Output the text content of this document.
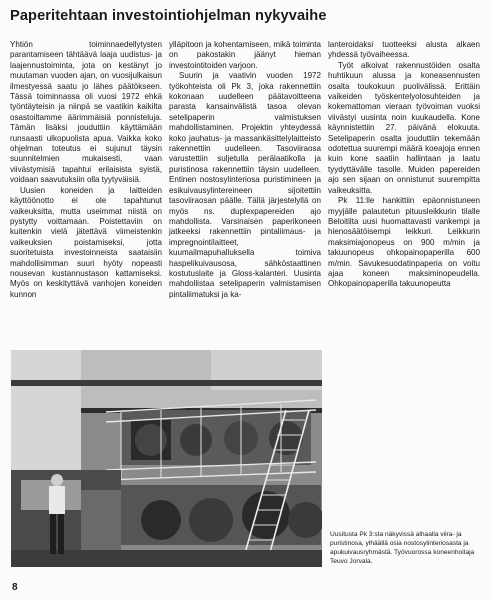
Paperitehtaan investointiohjelman nykyvaihe

Yhtiön toiminnaedellytysten parantamiseen tähtäävä laaja uudistus- ja laajennustoiminta, jota on kestänyt jo muutaman vuoden ajan, on vuosijulkaisun ilmestyessä saatu jo lähes päätökseen. Tässä toiminnassa oli vuosi 1972 ehkä työntäyteisin ja niinpä se vaatikin kaikilta osastoiltamme äärimmäisiä ponnisteluja. Tämän lisäksi jouduttiin käyttämään runsaasti ulkopuolista apua. Vaikka koko ohjelman toteutus ei sujunut täysin suunnitelmien mukaisesti, vaan viivästymisiä tapahtui erilaisista syistä, voidaan saavutuksiin olla tyytyväisiä.

Uusien koneiden ja laitteiden käyttöönotto ei ole tapahtunut vaikeuksitta, mutta useimmat niistä on pystytty voittamaan. Poistettaviin on kuitenkin vielä jätettävä viimeistenkin vaikeuksien poistamiseksi, jotta suoritetuista investoinneista saataisiin mahdollisimman suuri hyöty nopeasti nousevan kustannustason kattamiseksi. Myös on keskityttävä vanhojen koneiden kunnon

ylläpitoon ja kohentamiseen, mikä toiminta on pakostakin jäänyt hieman investointitoiden varjoon.

Suurin ja vaativin vuoden 1972 työkohteista oli Pk 3, joka rakennettiin kokonaan uudelleen päätavoitteena parasta kansainvälistä tasoa olevan setelipaperin valmistuksen mahdollistaminen. Projektin yhteydessä koko jauhatus- ja massankäsittelylaitteisto rakennettiin uudelleen. Tasoviiraosa varustettiin suljetulla perälaatikolla ja puristinosa rakennettiin täysin uudelleen. Entinen nostosylinteriosa puristimineen ja esikuivausylintereineen sijoitettiin tasoviiraosan päälle. Tällä järjestelyllä on myös ns. duplexpapereiden ajo mahdollista. Varsinaisen paperikoneen jatkeeksi rakennettiin pintaliimaus- ja impregnointilaitteet, kuumailmapuhalluksella toimiva haspelikuivausosa, sähköstaattinen kostutuslaite ja Gloss-kalanteri. Uusinta mahdollistaa setelipaperin valmistamisen pintaliimatuksi ja ka-

lanteroidaksi tuotteeksi alusta alkaen yhdessä työvaiheessa.

Työt alkoivat rakennustöiden osalta huhtikuun alussa ja koneasennusten osalta toukokuun puolivälissä. Erittäin vaikeiden työskentelyolosuhteiden ja kokemattoman vieraan työvoiman vuoksi viivästyi uusinta noin kuukaudella. Kone käynnistettiin 27. päivänä elokuuta. Setelipaperin osalta jouduttiin tekemään odotettua suurempi määrä koeajoja ennen kuin kone saatiin hallintaan ja laatu tyydyttävälle tasolle. Muiden papereiden ajo sen sijaan on onnistunut suurempitta vaikeuksitta.

Pk 11:lle hankittiin epäonnistuneen myyjälle palautetun pituusleikkurin tilalle Beloitilta uusi huomattavasti vankempi ja hienosäätöisempi leikkuri. Leikkurin maksimiajonopeus on 900 m/min ja takuunopeus ohkopainopaperilla 600 m/min. Savukesuodatinpaperia on voitu ajaa koneen maksiminopeudella. Ohkopainopaperilla takuunopeutta

Uusitusta Pk 3:sta näkyvissä alhaalla viira- ja puristinosa, ylhäällä osia nostosylinteriosasta ja apukuivausryhmästä. Työvuorossa koneenhoitaja Teuvo Jorvala.

8
